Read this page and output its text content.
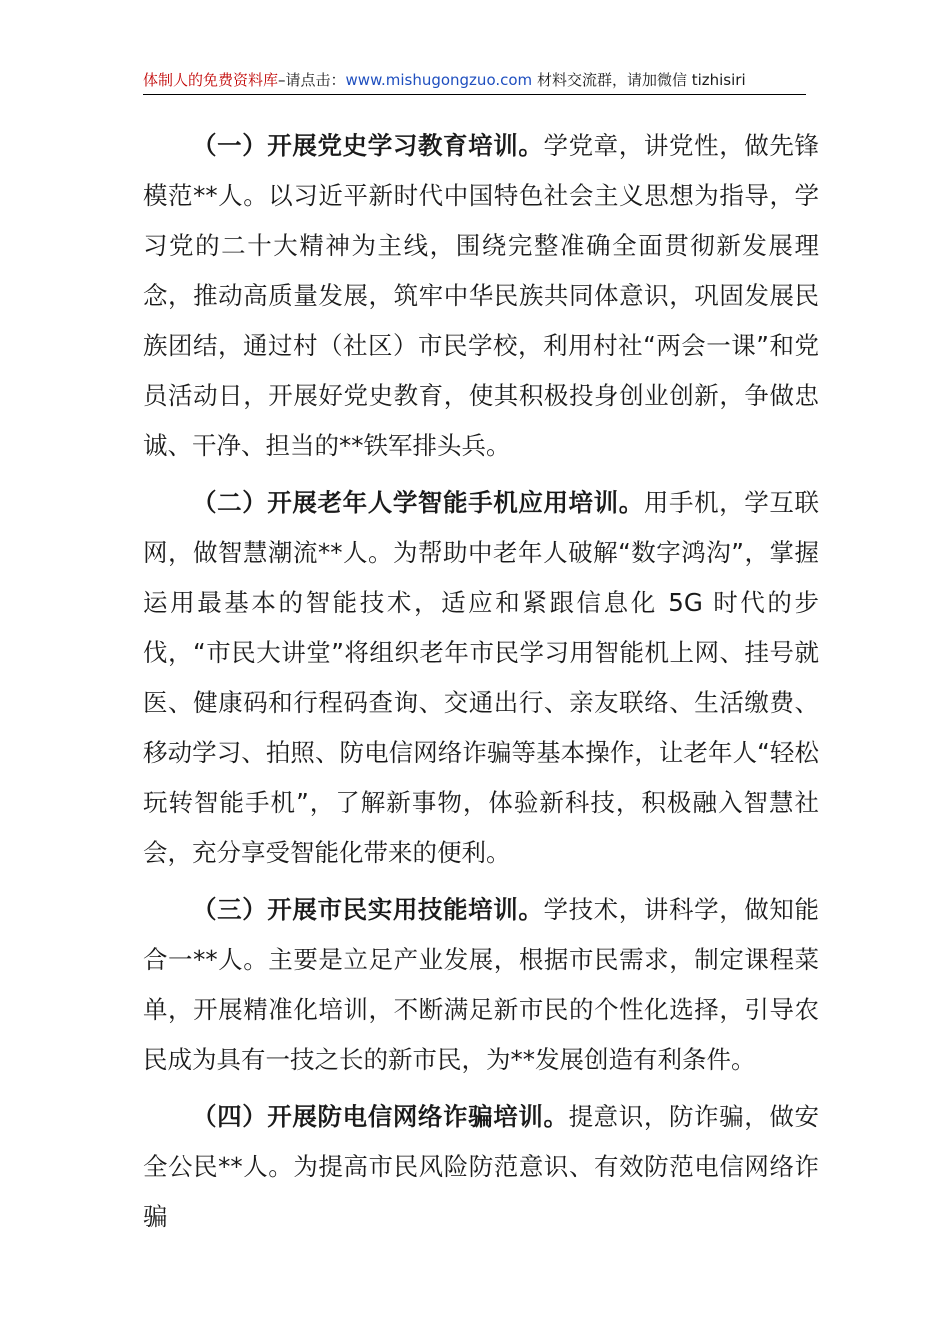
体制人的免费资料库–请点击：www.mishugongzuo.com 材料交流群，请加微信 tizhisiri

（一）开展党史学习教育培训。学党章，讲党性，做先锋模范**人。以习近平新时代中国特色社会主义思想为指导，学习党的二十大精神为主线，围绕完整准确全面贯彻新发展理念，推动高质量发展，筑牢中华民族共同体意识，巩固发展民族团结，通过村（社区）市民学校，利用村社“两会一课”和党员活动日，开展好党史教育，使其积极投身创业创新，争做忠诚、干净、担当的**铁军排头兵。

（二）开展老年人学智能手机应用培训。用手机，学互联网，做智慧潮流**人。为帮助中老年人破解“数字鸿沟”，掌握运用最基本的智能技术，适应和紧跟信息化 5G 时代的步伐，“市民大讲堂”将组织老年市民学习用智能机上网、挂号就医、健康码和行程码查询、交通出行、亲友联络、生活缴费、移动学习、拍照、防电信网络诈骗等基本操作，让老年人“轻松玩转智能手机”，了解新事物，体验新科技，积极融入智慧社会，充分享受智能化带来的便利。

（三）开展市民实用技能培训。学技术，讲科学，做知能合一**人。主要是立足产业发展，根据市民需求，制定课程菜单，开展精准化培训，不断满足新市民的个性化选择，引导农民成为具有一技之长的新市民，为**发展创造有利条件。

（四）开展防电信网络诈骗培训。提意识，防诈骗，做安全公民**人。为提高市民风险防范意识、有效防范电信网络诈骗
